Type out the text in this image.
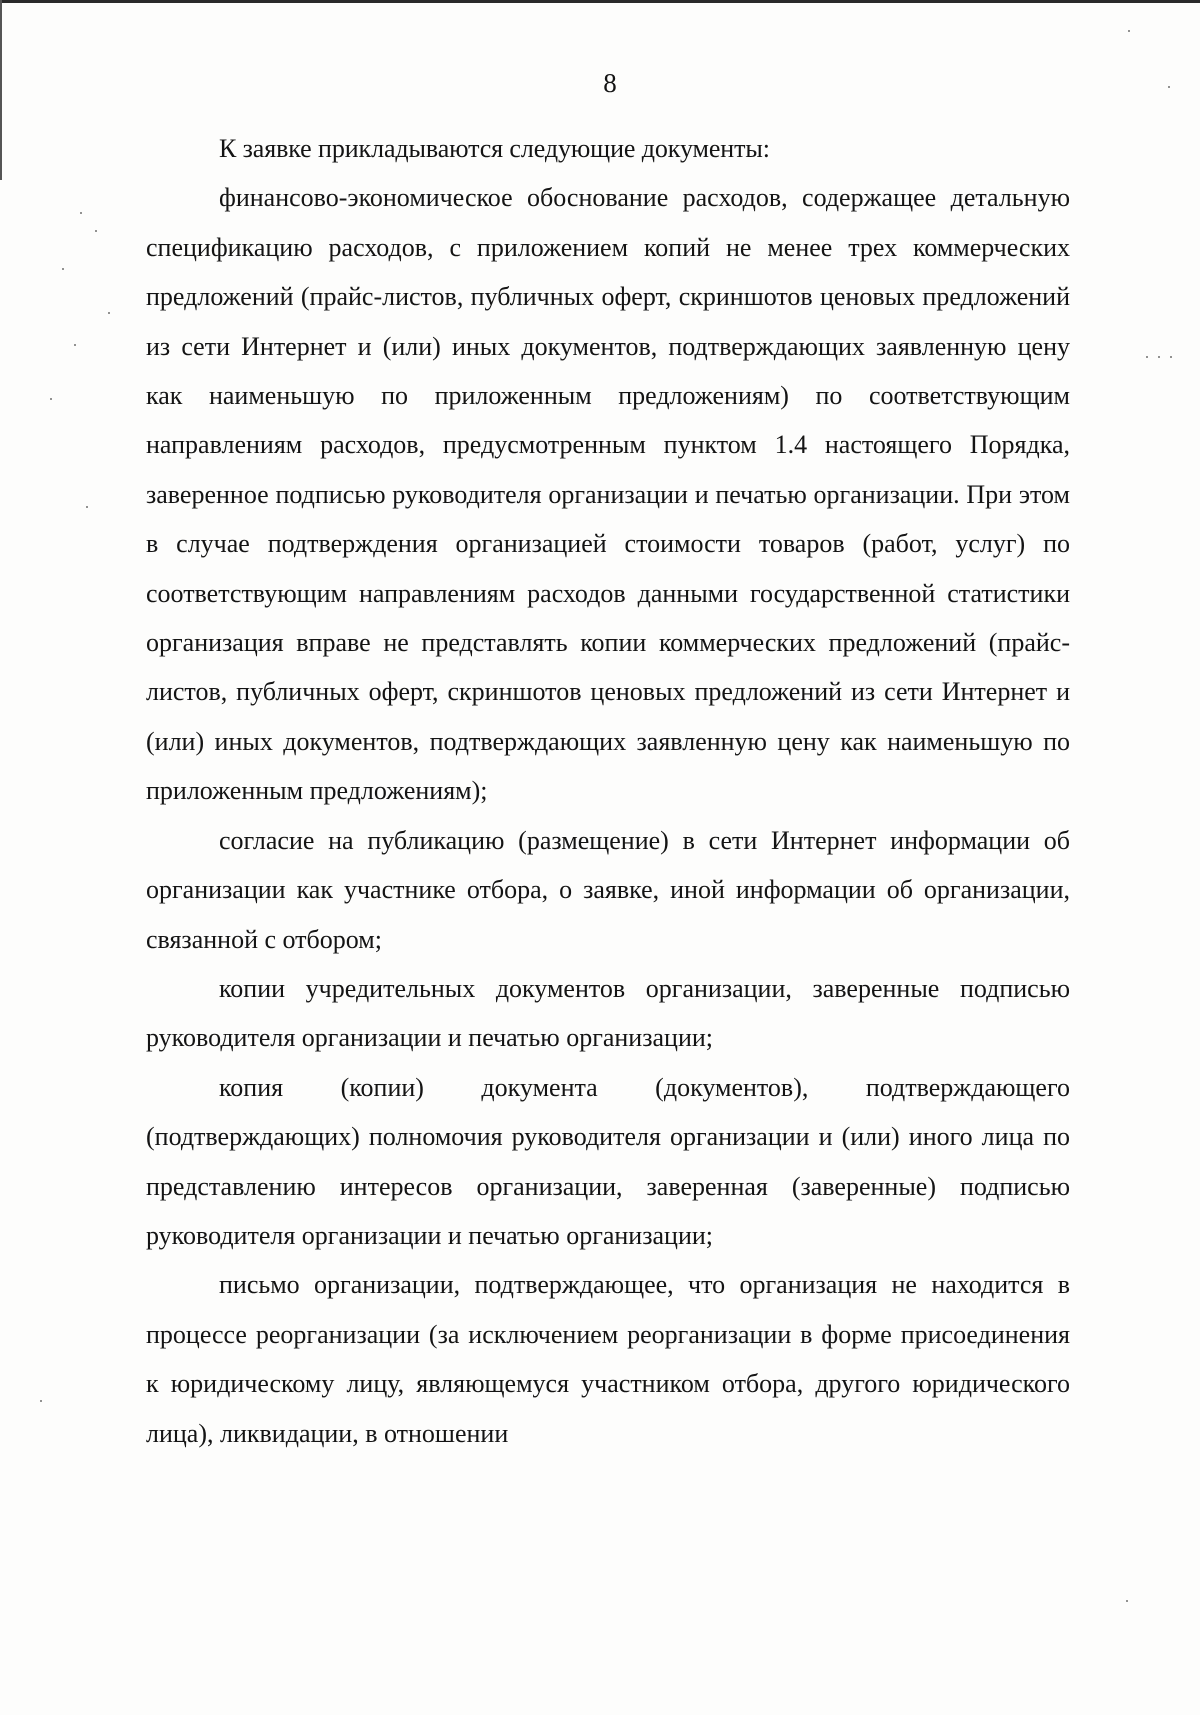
8

К заявке прикладываются следующие документы:

финансово-экономическое обоснование расходов, содержащее детальную спецификацию расходов, с приложением копий не менее трех коммерческих предложений (прайс-листов, публичных оферт, скриншотов ценовых предложений из сети Интернет и (или) иных документов, подтверждающих заявленную цену как наименьшую по приложенным предложениям) по соответствующим направлениям расходов, предусмотренным пунктом 1.4 настоящего Порядка, заверенное подписью руководителя организации и печатью организации. При этом в случае подтверждения организацией стоимости товаров (работ, услуг) по соответствующим направлениям расходов данными государственной статистики организация вправе не представлять копии коммерческих предложений (прайс-листов, публичных оферт, скриншотов ценовых предложений из сети Интернет и (или) иных документов, подтверждающих заявленную цену как наименьшую по приложенным предложениям);

согласие на публикацию (размещение) в сети Интернет информации об организации как участнике отбора, о заявке, иной информации об организации, связанной с отбором;

копии учредительных документов организации, заверенные подписью руководителя организации и печатью организации;

копия (копии) документа (документов), подтверждающего (подтверждающих) полномочия руководителя организации и (или) иного лица по представлению интересов организации, заверенная (заверенные) подписью руководителя организации и печатью организации;

письмо организации, подтверждающее, что организация не находится в процессе реорганизации (за исключением реорганизации в форме присоединения к юридическому лицу, являющемуся участником отбора, другого юридического лица), ликвидации, в отношении
